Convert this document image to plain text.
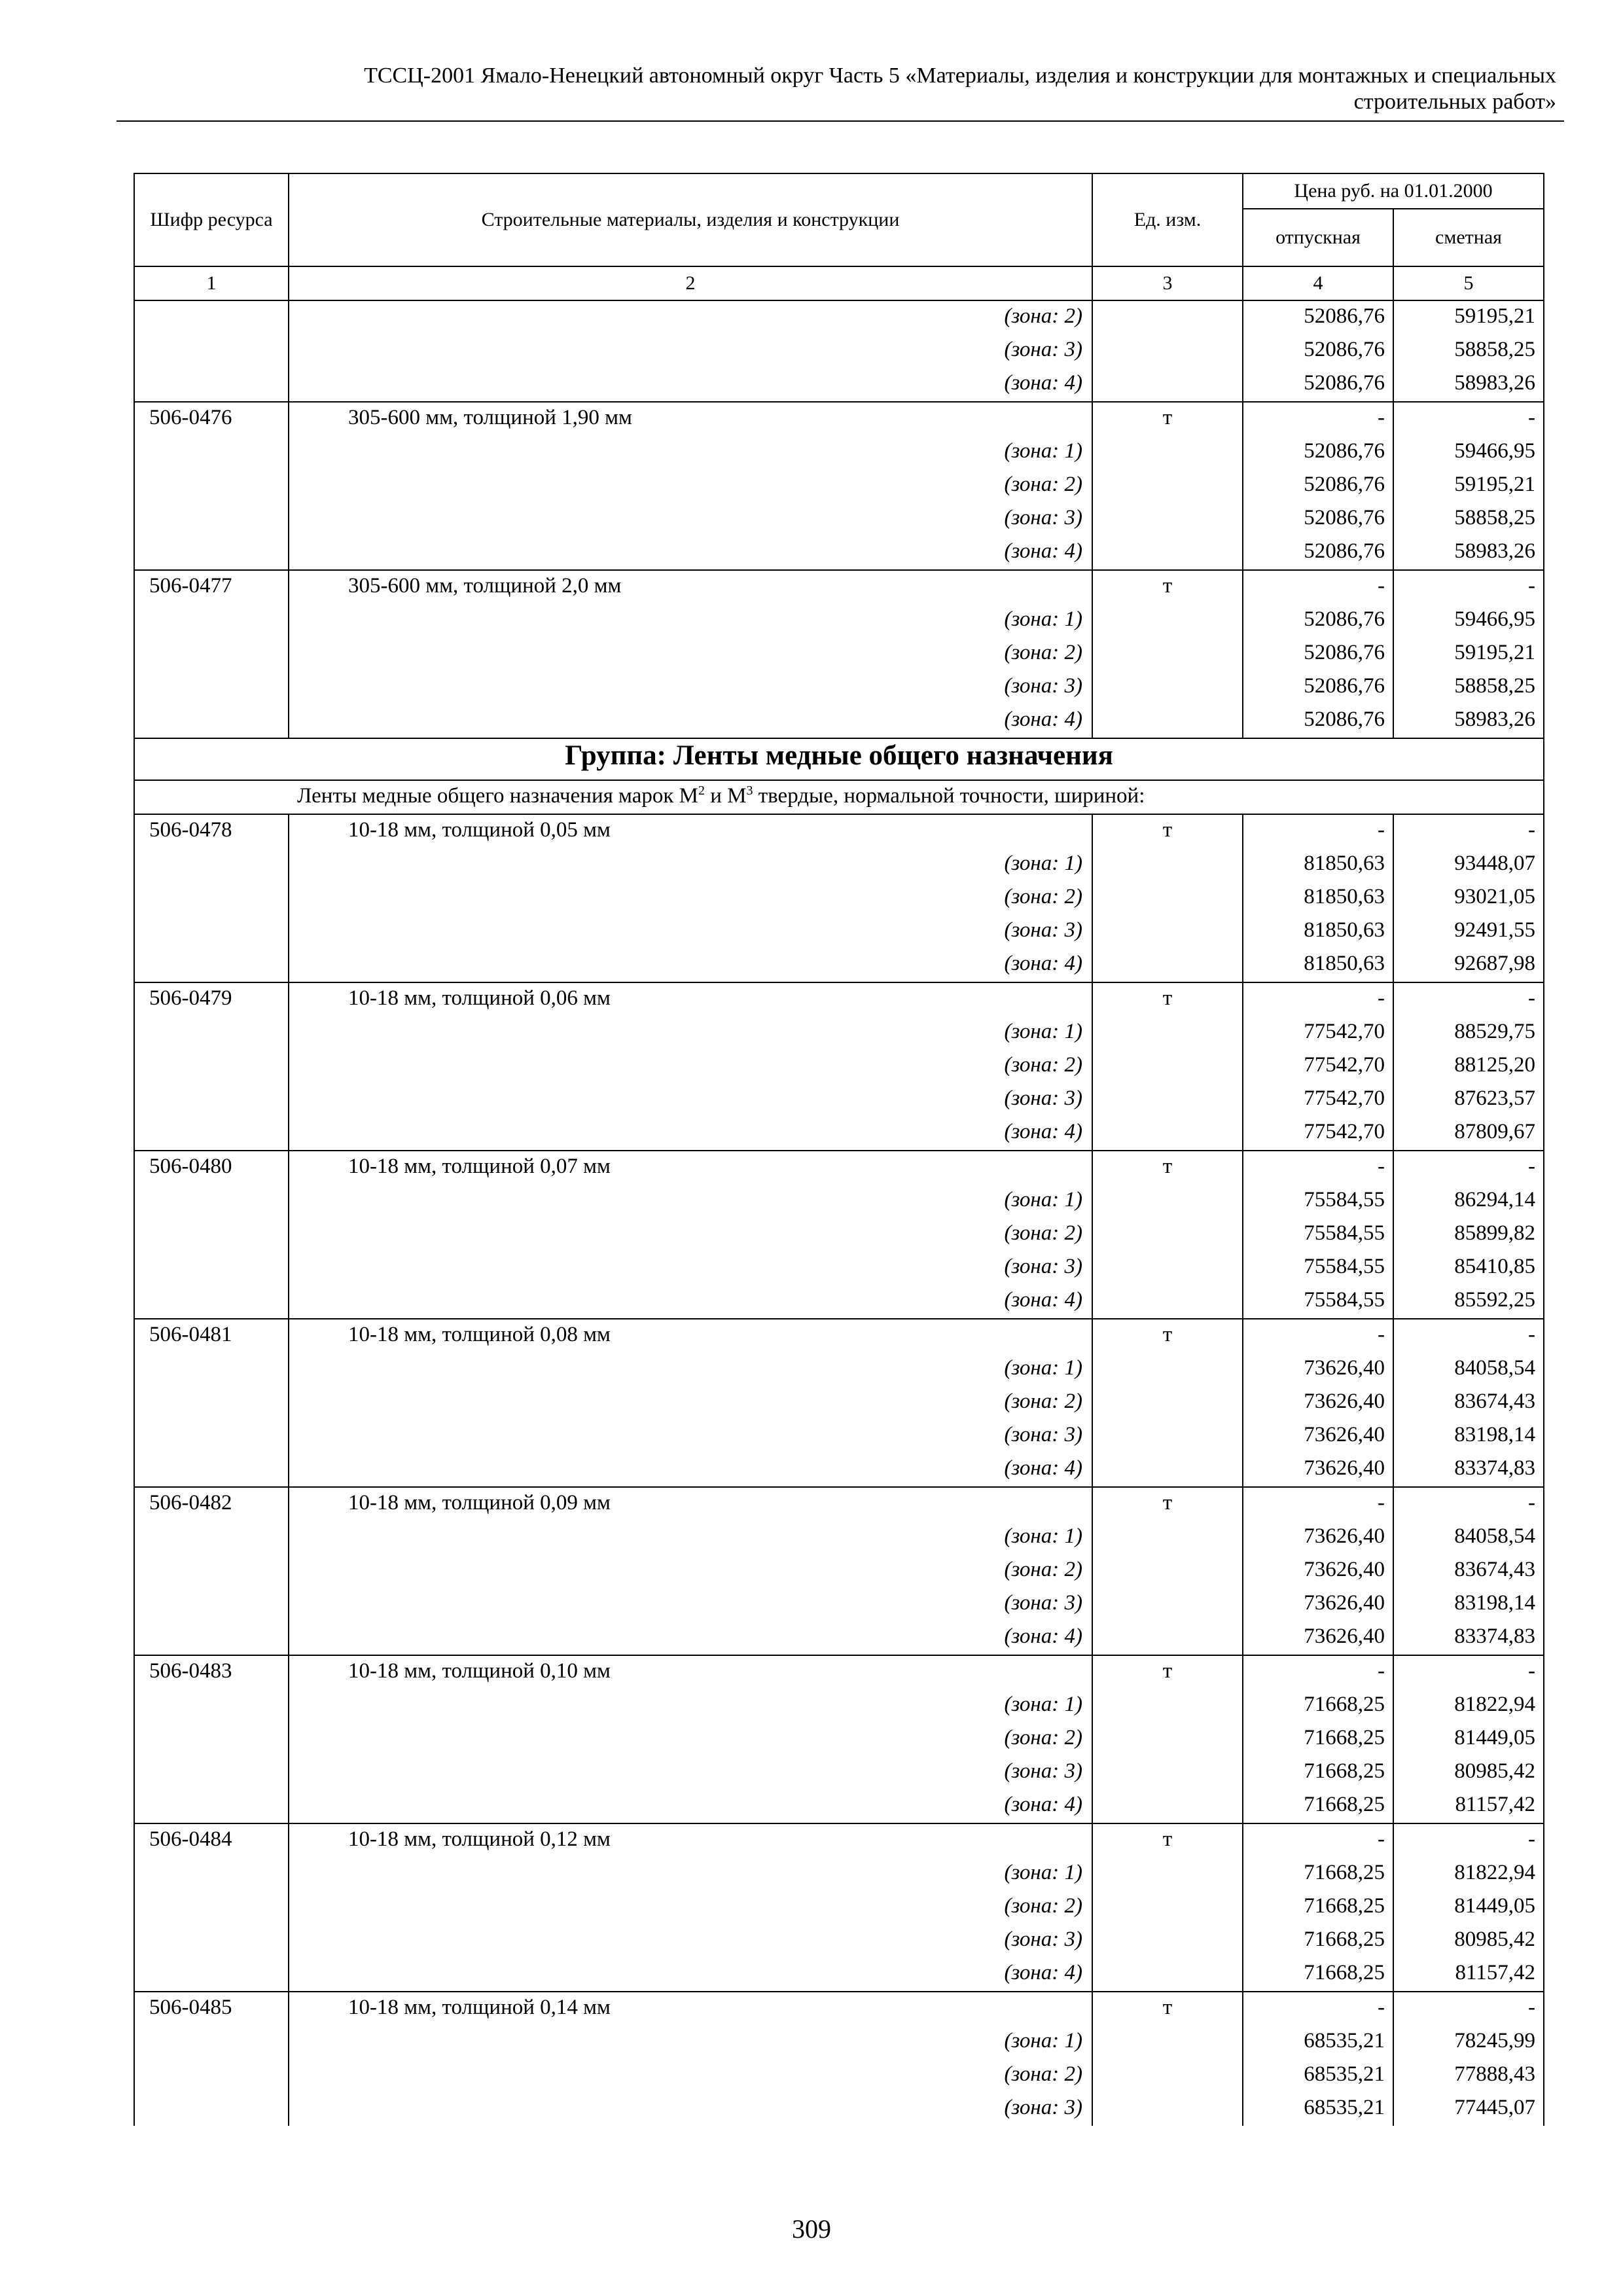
ТССЦ-2001 Ямало-Ненецкий автономный округ Часть 5 «Материалы, изделия и конструкции для монтажных и специальных
строительных работ»
Шифр ресурса	Строительные материалы, изделия и конструкции	Ед. изм.	Цена руб. на 01.01.2000	
			отпускная	сметная
1	2	3	4	5
	(зона: 2)		52086,76	59195,21
	(зона: 3)		52086,76	58858,25
	(зона: 4)		52086,76	58983,26
506-0476	305-600 мм, толщиной 1,90 мм	т	-	-
	(зона: 1)		52086,76	59466,95
	(зона: 2)		52086,76	59195,21
	(зона: 3)		52086,76	58858,25
	(зона: 4)		52086,76	58983,26
506-0477	305-600 мм, толщиной 2,0 мм	т	-	-
	(зона: 1)		52086,76	59466,95
	(зона: 2)		52086,76	59195,21
	(зона: 3)		52086,76	58858,25
	(зона: 4)		52086,76	58983,26
Группа: Ленты медные общего назначения				
Ленты медные общего назначения марок $М^2$ и $М^3$ твердые, нормальной точности, шириной:				
506-0478	10-18 мм, толщиной 0,05 мм	т	-	-
	(зона: 1)		81850,63	93448,07
	(зона: 2)		81850,63	93021,05
	(зона: 3)		81850,63	92491,55
	(зона: 4)		81850,63	92687,98
506-0479	10-18 мм, толщиной 0,06 мм	т	-	-
	(зона: 1)		77542,70	88529,75
	(зона: 2)		77542,70	88125,20
	(зона: 3)		77542,70	87623,57
	(зона: 4)		77542,70	87809,67
506-0480	10-18 мм, толщиной 0,07 мм	т	-	-
	(зона: 1)		75584,55	86294,14
	(зона: 2)		75584,55	85899,82
	(зона: 3)		75584,55	85410,85
	(зона: 4)		75584,55	85592,25
506-0481	10-18 мм, толщиной 0,08 мм	т	-	-
	(зона: 1)		73626,40	84058,54
	(зона: 2)		73626,40	83674,43
	(зона: 3)		73626,40	83198,14
	(зона: 4)		73626,40	83374,83
506-0482	10-18 мм, толщиной 0,09 мм	т	-	-
	(зона: 1)		73626,40	84058,54
	(зона: 2)		73626,40	83674,43
	(зона: 3)		73626,40	83198,14
	(зона: 4)		73626,40	83374,83
506-0483	10-18 мм, толщиной 0,10 мм	т	-	-
	(зона: 1)		71668,25	81822,94
	(зона: 2)		71668,25	81449,05
	(зона: 3)		71668,25	80985,42
	(зона: 4)		71668,25	81157,42
506-0484	10-18 мм, толщиной 0,12 мм	т	-	-
	(зона: 1)		71668,25	81822,94
	(зона: 2)		71668,25	81449,05
	(зона: 3)		71668,25	80985,42
	(зона: 4)		71668,25	81157,42
506-0485	10-18 мм, толщиной 0,14 мм	т	-	-
	(зона: 1)		68535,21	78245,99
	(зона: 2)		68535,21	77888,43
	(зона: 3)		68535,21	77445,07
309
